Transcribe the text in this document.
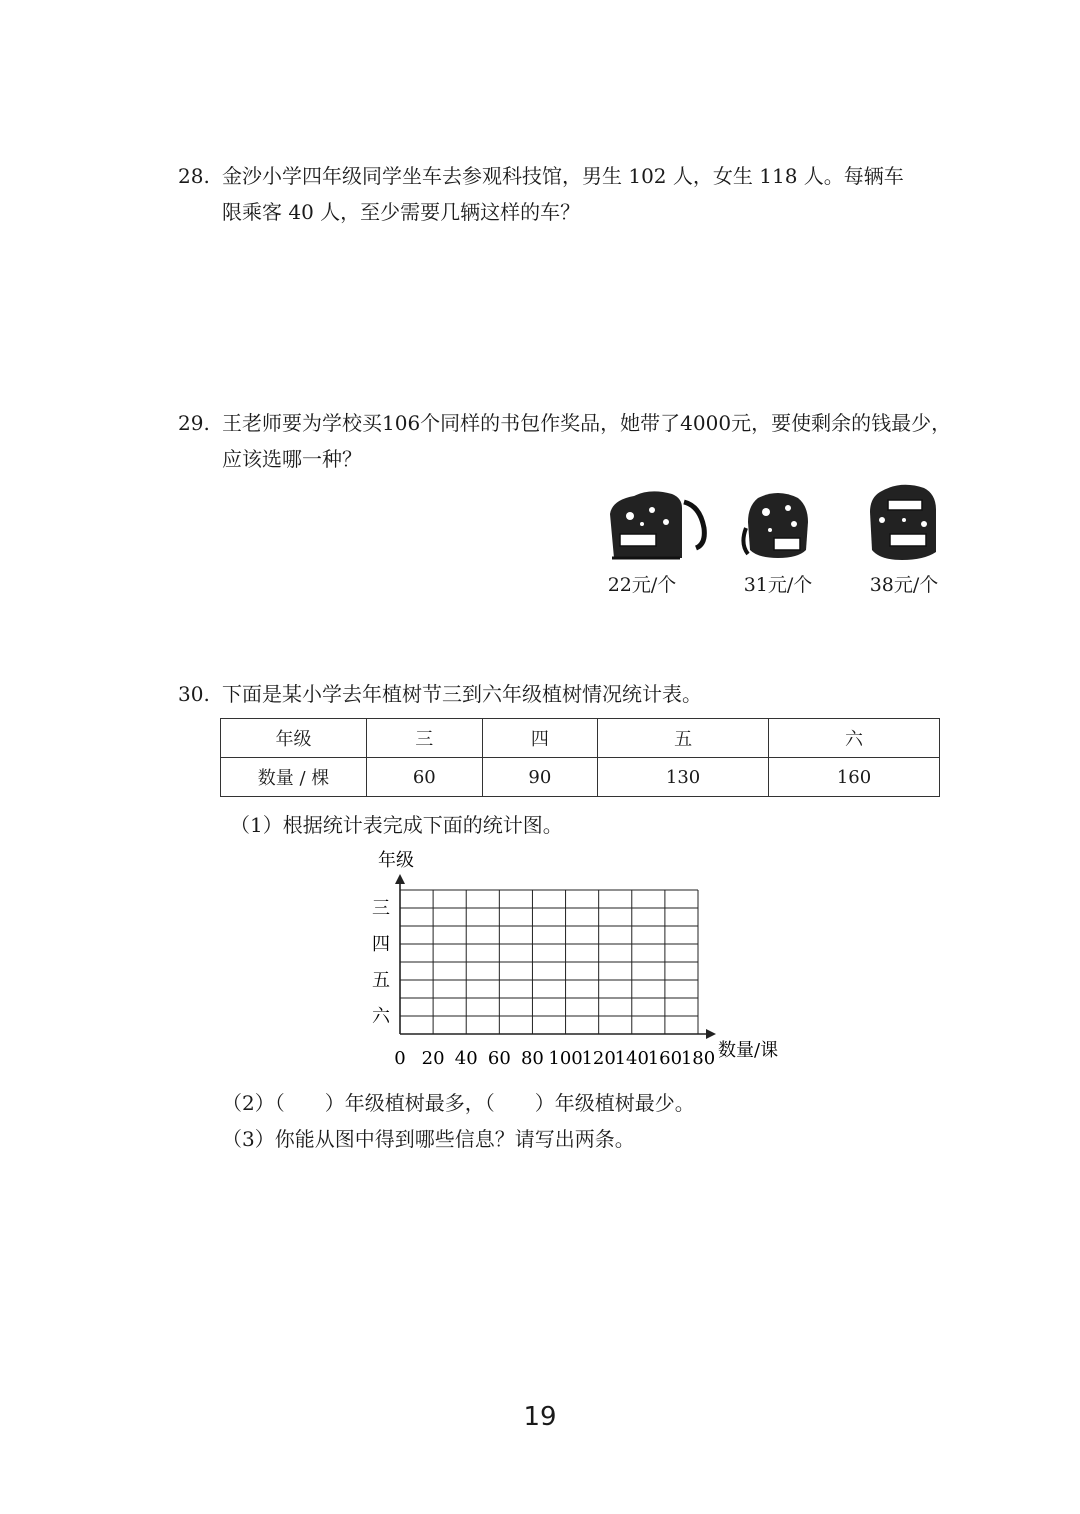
28. 金沙小学四年级同学坐车去参观科技馆，男生 102 人，女生 118 人。每辆车
限乘客 40 人，至少需要几辆这样的车？
29. 王老师要为学校买106个同样的书包作奖品，她带了4000元，要使剩余的钱最少，
应该选哪一种？
22元/个	31元/个	38元/个
30. 下面是某小学去年植树节三到六年级植树情况统计表。
年级	三	四	五	六
数量 / 棵	60	90	130	160
（1）根据统计表完成下面的统计图。
年级
数量/课
三
四
五
六
0 20 40 60 80 100
120
140
160
180
（2）（　　）年级植树最多，（　　）年级植树最少。
（3）你能从图中得到哪些信息？请写出两条。
19
